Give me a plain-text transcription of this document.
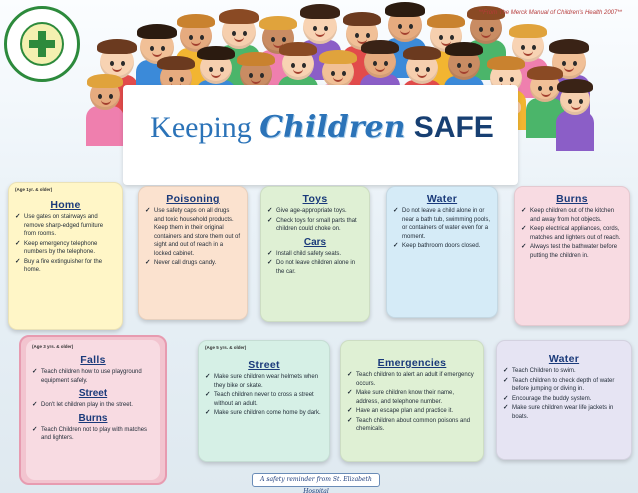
**From The Merck Manual of Children's Health 2007**
Keeping Children SAFE
(Age 1yr. & older)
Home
✓ Use gates on stairways and remove sharp-edged furniture from rooms.
✓ Keep emergency telephone numbers by the telephone.
✓ Buy a fire extinguisher for the home.
Poisoning
✓ Use safety caps on all drugs and toxic household products. Keep them in their original containers and store them out of sight and out of reach in a locked cabinet.
✓ Never call drugs candy.
Toys
✓ Give age-appropriate toys.
✓ Check toys for small parts that children could choke on.
Cars
✓ Install child safety seats.
✓ Do not leave children alone in the car.
Water
✓ Do not leave a child alone in or near a bath tub, swimming pools, or containers of water even for a moment.
✓ Keep bathroom doors closed.
Burns
✓ Keep children out of the kitchen and away from hot objects.
✓ Keep electrical appliances, cords, matches and lighters out of reach.
✓ Always test the bathwater before putting the children in.
(Age 3 yrs. & older)
Falls
✓ Teach children how to use playground equipment safely.
Street
✓ Don't let children play in the street.
Burns
✓ Teach Children not to play with matches and lighters.
(Age 5 yrs. & older)
Street
✓ Make sure children wear helmets when they bike or skate.
✓ Teach children never to cross a street without an adult.
✓ Make sure children come home by dark.
Emergencies
✓ Teach children to alert an adult if emergency occurs.
✓ Make sure children know their name, address, and telephone number.
✓ Have an escape plan and practice it.
✓ Teach children about common poisons and chemicals.
Water
✓ Teach Children to swim.
✓ Teach children to check depth of water before jumping or diving in.
✓ Encourage the buddy system.
✓ Make sure children wear life jackets in boats.
A safety reminder from St. Elizabeth Hospital
